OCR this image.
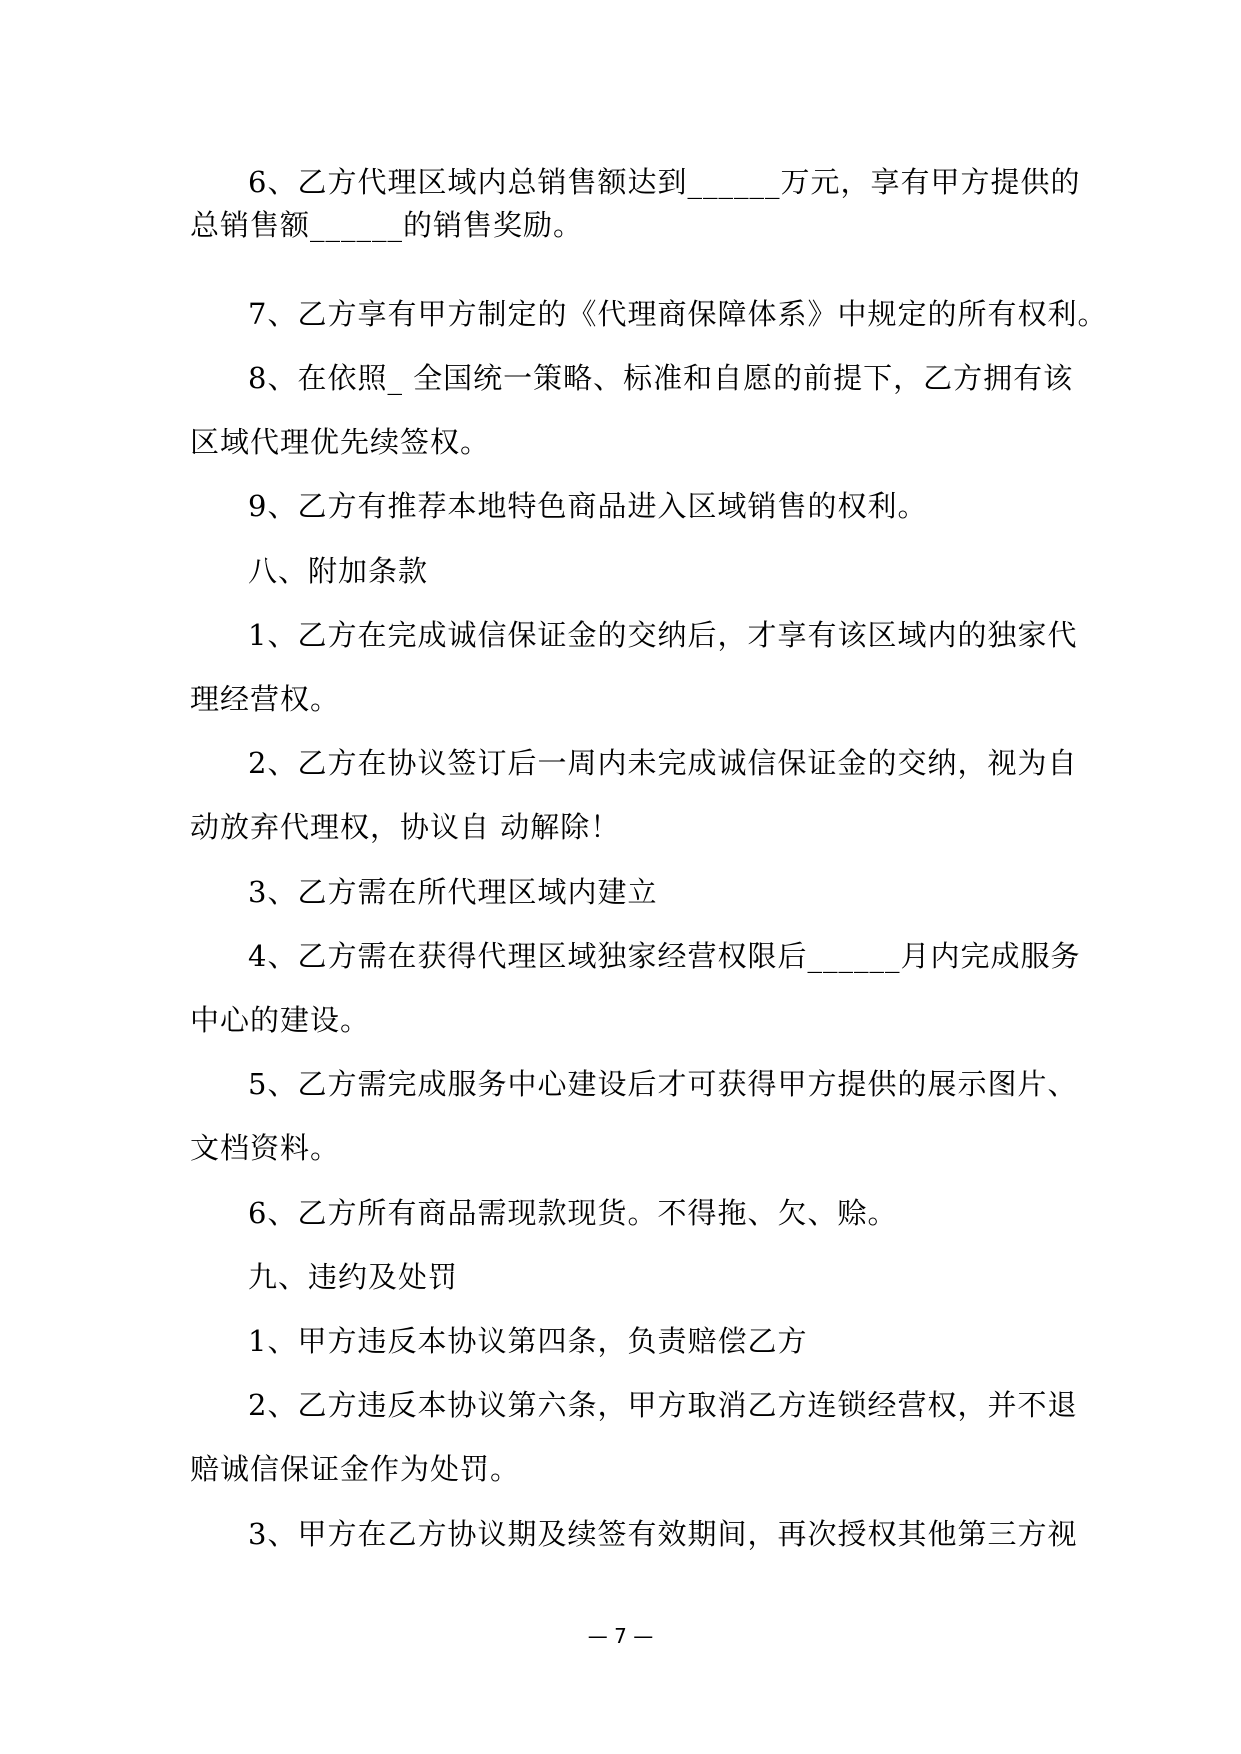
6、乙方代理区域内总销售额达到______万元，享有甲方提供的
总销售额______的销售奖励。
7、乙方享有甲方制定的《代理商保障体系》中规定的所有权利。
8、在依照_ 全国统一策略、标准和自愿的前提下，乙方拥有该
区域代理优先续签权。
9、乙方有推荐本地特色商品进入区域销售的权利。
八、附加条款
1、乙方在完成诚信保证金的交纳后，才享有该区域内的独家代
理经营权。
2、乙方在协议签订后一周内未完成诚信保证金的交纳，视为自
动放弃代理权，协议自 动解除！
3、乙方需在所代理区域内建立
4、乙方需在获得代理区域独家经营权限后______月内完成服务
中心的建设。
5、乙方需完成服务中心建设后才可获得甲方提供的展示图片、
文档资料。
6、乙方所有商品需现款现货。不得拖、欠、赊。
九、违约及处罚
1、甲方违反本协议第四条，负责赔偿乙方
2、乙方违反本协议第六条，甲方取消乙方连锁经营权，并不退
赔诚信保证金作为处罚。
3、甲方在乙方协议期及续签有效期间，再次授权其他第三方视
— 7 —
